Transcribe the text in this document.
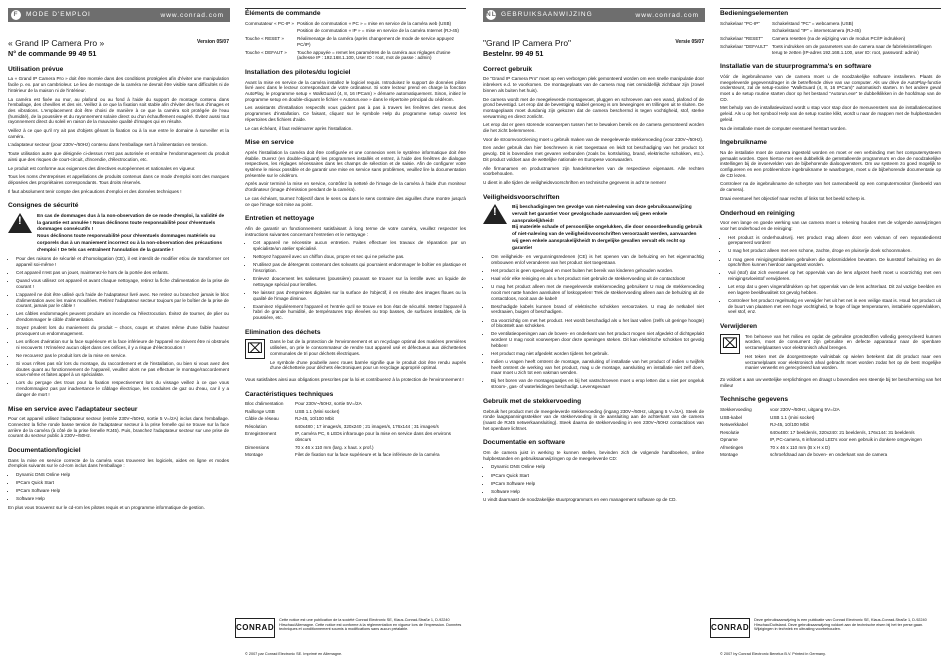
F MODE D'EMPLOI	www.conrad.com
« Grand IP Camera Pro »	Version 05/07
N° de commande 99 49 51
Utilisation prévue

La « Grand IP Camera Pro » doit être montée dans des conditions protégées afin d'éviter une manipulation facile p. ex. par un cambrioleur. Le lieu de montage de la caméra ne devrait être visible sans difficultés ni de l'intérieur de la maison ni de l'intérieur.

La caméra est fixée au mur, au plafond ou au fond à l'aide du support de montage contenu dans l'emballage, des chevilles et des vis. Veillez à ce que la fixation soit stable afin d'éviter des fous d'images et des vibrations. L'emplacement doit être choisi de manière à ce que la caméra soit protégée de l'eau (humidité), de la poussière et du rayonnement solaire direct ou d'un échauffement exagéré. Évitez aussi tout rayonnement direct du soleil en raison de la mauvaise qualité d'images qui en résulte.

Veillez à ce que qu'il n'y ait pas d'objets gênant la fixation ou à la vue entre le domaine à surveiller et la caméra.

L'adaptateur secteur (pour 230V~/50Hz) contenu dans l'emballage sert à l'alimentation en tension.

Toute utilisation autre que désignée ci-dessus n'est pas autorisée et entraîne l'endommagement du produit ainsi que des risques de court-circuit, d'incendie, d'électrocution, etc.

Le produit est conforme aux exigences des directives européennes et nationales en vigueur.

Tous les noms d'entreprises et appellations de produits contenus dans ce mode d'emploi sont des marques déposées des propriétaires correspondants. Tous droits réservés.

Il faut absolument tenir compte des précautions d'emploi et des données techniques !

Consignes de sécurité
!	En cas de dommages dus à la non-observation de ce mode d'emploi, la validité de la garantie est annulée ! Nous déclinons toute responsabilité pour d'éventuels dommages consécutifs !
Nous déclinons toute responsabilité pour d'éventuels dommages matériels ou corporels dus à un maniement incorrect ou à la non-observation des précautions d'emploi ! De tels cas entraînent l'annulation de la garantie !
• Pour des raisons de sécurité et d'homologation (CE), il est interdit de modifier et/ou de transformer cet appareil soi-même !
• Cet appareil n'est pas un jouet, maintenez-le hors de la portée des enfants.
• Quand vous utilisez cet appareil et avant chaque nettoyage, retirez la fiche d'alimentation de la prise de courant !
• L'appareil ne doit être utilisé qu'à l'aide de l'adaptateur livré avec. Ne retirez ou branchez jamais le bloc d'alimentation avec les mains mouillées. Retirez l'adaptateur secteur toujours par le boîtier de la prise de courant, jamais par le câble !
• Les câbles endommagés peuvent produire un incendie ou l'électrocution. Évitez de tourner, de plier ou d'endommager le câble d'alimentation.
• Soyez prudent lors du maniement du produit – chocs, coups et chutes même d'une faible hauteur provoquent un endommagement.
• Les orifices d'aération sur la face supérieure et la face inférieure de l'appareil ne doivent être ni obstrués ni recouverts ! N'insérez aucun objet dans ces orifices, il y a risque d'électrocution !
• Ne recouvrez pas le produit lors de la mise en service.
• Si vous n'êtes pas sûr lors du montage, du raccordement et de l'installation, ou bien si vous avez des doutes quant au fonctionnement de l'appareil, veuillez alors ne pas effectuer le montage/raccordement vous-même et faites appel à un spécialiste.
• Lors du perçage des trous pour la fixation respectivement lors du vissage veillez à ce que vous n'endommagiez pas par inadvertance le câblage électrique, les conduites de gaz ou d'eau, car il y a danger de mort !
Mise en service avec l'adaptateur secteur

Pour cet appareil utilisez l'adaptateur secteur (entrée 230V~/50Hz, sortie 5 V=/2A) inclus dans l'emballage. Connectez la fiche ronde basse tension de l'adaptateur secteur à la prise femelle qui se trouve sur la face arrière de la caméra (à côté de la prise femelle RJ45). Puis, branchez l'adaptateur secteur sur une prise de courant du secteur public à 230V~/50Hz.

Documentation/logiciel

Dans la mise en service correcte de la caméra vous trouverez les logiciels, aides en ligne et modes d'emplois suivants sur le cd-rom inclus dans l'emballage :

• Dynamic DNS Online Help
• IPCam Quick Start
• IPCam Software Help
• Software Help

En plus vous trouverez sur le cd-rom les pilotes requis et un programme informatique de gestion.

Éléments de commande
Commutateur « PC-IP » Position de commutation « PC » = mise en service de la caméra web (USB)
Position de commutation « IP » = mise en service de la caméra Internet (RJ-45)
Touche « RESET »	Réalimenatge de la caméra (après changement de mode de service appuyez PC/IP)
Touche « DEFAUT »	Touche appuyée = remet les paramètres de la caméra aux réglages d'usine (adresse IP : 192.168.1.100, User ID : root, mot de passe : admin)
Installation des pilotes/du logiciel

Avant la mise en service de la caméra installez le logiciel requis. Introduisez le support de données pilote livré avec dans le lecteur correspondant de votre ordinateur. Si votre lecteur prend en charge la fonction AutoPlay, le programme setup « WalkGuard (4, 8, 16 IPCam) » démarre automatiquement. Sinon, initiez le programme setup en double-cliquant le fichier « Autorun.exe » dans le répertoire principal du cédérom.

Les assistants d'installation respectifs vous guident pas à pas à travers les fenêtres des menus des programmes d'installation. Ce faisant, cliquez sur le symbole Help du programme setup ouvrez les répertoires des fichiers d'aide.

Le cas échéant, il faut redémarrer après l'installation.

Mise en service

Après l'installation la caméra doit être configurée et une connexion vers le système informatique doit être établie. Ouvrez (en double-cliquant) les programmes installés et entrez, à l'aide des fenêtres de dialogue respectives, les réglages nécessaires dans les champs de sélection et de saisie. Afin de configurer votre système le mieux possible et de garantir une mise en service sans problèmes, veuillez lire la documentation présentée sur le cédérom.

Après avoir terminé la mise en service, contrôlez la netteté de l'image de la caméra à l'aide d'un moniteur d'ordinateur (image d'émission pendant de la caméra).

Le cas échéant, tournez l'objectif dans le sens ou dans le sens contraire des aiguilles d'une montre jusqu'à ce que l'image soit mise au point.

Entretien et nettoyage

Afin de garantir un fonctionnement satisfaisant à long terme de votre caméra, veuillez respecter les instructions suivantes concernant l'entretien et le nettoyage :

• Cet appareil ne nécessite aucun entretien. Faites effectuer les travaux de réparation par un spécialiste/un atelier spécialisé.
• Nettoyez l'appareil avec un chiffon doux, propre et sec qui ne peluche pas.
• N'utilisez pas de détergents contenant des solvants qui pourraient endommager le boîtier en plastique et l'inscription.
• Enlevez doucement les salissures (poussière) pouvant se trouver sur la lentille avec un liquide de nettoyage spécial pour lentilles.
• Ne laissez pas d'empreintes digitales sur la surface de l'objectif, il en résulte des images floues ou la qualité de l'image diminue.
• Examinez régulièrement l'appareil et l'entrée qu'il se trouve en bon état de sécurité. Mettez l'appareil à l'abri de grande humidité, de températures trop élevées ou trop basses, de surfaces instables, de la poussière, etc.
Elimination des déchets
⌧	Dans le but de la protection de l'environnement et un recyclage optimal des matières premières utilisées, on prie le consommateur de rendre tout appareil usé et défectueux aux déchetteries communales de tri pour déchets électriques.

Le symbole d'une poubelle avec roues barrée signifie que le produit doit être rendu auprès d'une déchetterie pour déchets électroniques pour un recyclage approprié optimal.

Vous satisfaites ainsi aux obligations prescrites par la loi et contribuerez à la protection de l'environnement !

Caractéristiques techniques
Bloc d'alimentation	Pour 230V~/50Hz, sortie 5V=/2A
Raillonge USB	USB 1.1 (Mini socket)
Câble de réseau	RJ-45, 10/100 Mbit
Résolution	640x480 ; 17 images/s, 320x240 ; 21 images/s, 176x144 ; 31 images/s
Enregistrement	IP, caméra PC, 6 LEDs infrarouge pour la mise en service dans des environs obscurs
Dimensions	70 x 46 x 110 mm (larg. x haut. x prof.)
Montage	Filet de fixation sur la face supérieure et la face inférieure de la caméra
CONRAD
Cette notice est une publication de la société Conrad Electronic SE, Klaus-Conrad-Straße 1, D-92240 Hirschau/Allemagne. Cette notice est conforme à la réglementation en vigueur lors de l'impression. Données techniques et conditionnement soumis à modifications sans aucun préalable.
© 2007 par Conrad Electronic SE. Imprimé en Allemagne.
NL GEBRUIKSAANWIJZING	www.conrad.com
"Grand IP Camera Pro"	Versie 05/07
Bestelnr. 99 49 51
Correct gebruik

De "Grand IP Camera Pro" moet op een verborgen plek gemonteerd worden om een snelle manipulatie door inbrekers e.d. te voorkomen. De montageplaats van de camera mag niet onmiddellijk zichtbaar zijn (zowel binnen als buiten het huis).

De camera wordt met de meegeleverde montagevoet, pluggen en schroeven aan een wand, plafond of de grond bevestigd. Let erop dat de bevestiging stabiel genoeg is om bewegingen en trillingen uit te sluiten. De montageplaats moet dusdanig zijn gekozen dat de camera beschermd is tegen vochtigheid, stof, sterke verwarming en direct zonlicht.

Let erop dat er geen storende voorwerpen tussen het te bewaken bereik en de camera gemonteerd worden die het zicht belemmeren.

Voor de stroomvoorziening moet u gebruik maken van de meegeleverde stekkervoeding (voor 230V~/50Hz).

Een ander gebruik dan hier beschreven is niet toegestaan en leidt tot beschadiging van het product tot gevolg. Dit is bovendien met gevaren verbonden (zoals bv. kortsluiting, brand, elektrische schokken, etc.). Dit product voldoet aan de wettelijke nationale en Europese voorwaarden.

Alle firmanamen en productnamen zijn handelsmerken van de respectieve eigenaars. Alle rechten voorbehouden.

U dient in alle tijden de veiligheidsvoorschriften en technische gegevens in acht te nemen!

Veiligheidsvoorschriften
!	Bij beschadigingen ten gevolge van niet-naleving van deze gebruiksaanwijzing vervalt het garantie! Voor gevolgschade aanvaarden wij geen enkele aansprakelijkheid!
Bij materiële schade of persoonlijke ongelukken, die door onoordeelkundig gebruik of niet-naleving van de veiligheidsvoorschriften veroorzaakt werden, aanvaarden wij geen enkele aansprakelijkheid! In dergelijke gevallen vervalt elk recht op garantie!
• Om veiligheids- en vergunningsredenen (CE) is het openen van de behuizing en het eigenmachtig ombouwen en/of veranderen van het product niet toegestaan.
• Het product is geen speelgoed en moet buiten het bereik van kinderen gehouden worden.
• Haal vóór elke reiniging en als u het product niet gebruikt de stekkervoeding uit de contactdoos!
• U mag het product alleen met de meegeleverde stekkervoeding gebruiken! U mag de stekkervoeding nooit met natte handen aansluiten of loskoppelen! Trek de stekkervoeding alleen aan de behuizing uit de contactdoos, nooit aan de kabel!
• Beschadigde kabels kunnen brand of elektrische schokken veroorzaken. U mag de netkabel niet verdraaien, buigen of beschadigen.
• Ga voorzichtig om met het product. Het wordt beschadigd als u het laat vallen (zelfs uit geringe hoogte) of blootstelt aan schokken.
• De ventilatieopeningen aan de boven- en onderkant van het product mogen niet afgedekt of dichtgeplakt worden! U mag nooit voorwerpen door deze openingen steken. Dit kan elektrische schokken tot gevolg hebben!
• Het product mag niet afgedekt worden tijdens het gebruik.
• Indien u vragen heeft omtrent de montage, aansluiting of installatie van het product of indien u twijfels heeft omtrent de werking van het product, mag u de montage, aansluiting en installatie niet zelf doen, maar moet u zich tot een vakman wenden.
• Bij het boren van de montagegaatjes en bij het vastschroeven moet u erop letten dat u niet per ongeluk stroom-, gas- of waterleidingen beschadigt. Levensgevaar!
Gebruik met de stekkervoeding

Gebruik het product met de meegeleverde stekkervoeding (ingang 230V~/50Hz, uitgang 5 V=/2A). Steek de ronde laagspanningsstekker van de stekkervoeding in de aansluiting aan de achterkant van de camera (naast de RJ45 netwerkaansluiting). Steek daarna de stekkervoeding in een 230V~/50Hz contactdoos van het openbare lichtnet.

Documentatie en software

Om de camera juist in werking te kunnen stellen, bevinden zich de volgende handboeken, online hulpbestanden en gebruiksaanwijzingen op de meegeleverde CD:

• Dynamic DNS Online Help
• IPCam Quick Start
• IPCam Software Help
• Software Help

U vindt daarnaast de noodzakelijke stuurprogramma's en een management software op de CD.

Bedieningselementen
Schakelaar "PC-IP"	Schakelstand "PC" = webcamera (USB)
Schakelstand "IP" = internetcamera (RJ-45)
Schakelaar "RESET"	Camera resetten (na de wijziging van de modus PC/IP indrukken)
Schakelaar "DEFAULT" Toets indrukken om de parameters van de camera naar de fabrieksinstellingen terug te zetten (IP-adres 192.168.1.100, user ID: root, password: admin)
Installatie van de stuurprogramma's en software

Vóór de ingebruikname van de camera moet u de noodzakelijke software installeren. Plaats de meegeleverde gegevensdrager in de betreffende drive van uw computer. Als uw drive de AutoPlay-functie ondersteunt, zal de setup-routine "WalkGuard (4, 8, 16 IPCam)" automatisch starten. In het andere geval moet u de setup routine starten door op het bestand "Autorun.exe" te dubbelklikken in de hoofdmap van de CD.

Met behulp van de installatiewizard wordt u stap voor stap door de menuvensters van de installatieroutines geleid. Als u op het symbool Help van de setup routine klikt, wordt u naar de mappen met de hulpbestanden geleid.

Na de installatie moet de computer eventueel herstart worden.

Ingebruikname

Na de installatie moet de camera ingesteld worden en moet er een verbinding met het computersysteem gemaakt worden. Open hiertoe met een dubbelklik de geïnstalleerde programma's en doe de noodzakelijke instellingen bij de invoervelden van de bijbehorende dialoogvensters. Om uw systeem zo goed mogelijk te configureren en een probleemloze ingebruikname te waarborgen, moet u de bijbehorende documentatie op de CD lezen.

Controleer na de ingebruikname de scherpte van het camerabeeld op een computermonitor (livebeeld van de camera).

Draai eventueel het objectief naar rechts of links tot het beeld scherp is.

Onderhoud en reiniging

Voor een lange en goede werking van uw camera moet u rekening houden met de volgende aanwijzingen voor het onderhoud en de reiniging:

• Het product is onderhoudsvrij. Het product mag alleen door een vakman of een reparatiedienst gerepareerd worden!
• U mag het product alleen met een schone, zachte, droge en pluisvrije doek schoonmaken.
• U mag geen reinigingsmiddelen gebruiken die oplosmiddelen bevatten. De kunststof behuizing en de opschriften kunnen hierdoor aangetast worden.
• Vuil (stof) dat zich eventueel op het oppervlak van de lens afgezet heeft moet u voorzichtig met een reinigingsvloeistof verwijderen.
• Let erop dat u geen vingerafdrukken op het oppervlak van de lens achterlaat. Dit zal vazige beelden en een lagere beeldkwaliteit tot gevolg hebben.
• Controleer het product regelmatig en verwijder het uit het net in een veilige staat is. Houd het product uit de buurt van plaatsen met een hoge vochtigheid, te hoge of lage temperaturen, instabiele oppervlakken, veel stof, enz.
Verwijderen
⌧	Ten behoeve van het milieu en opdat de gebruikte grondstoffen volledig gerecycleerd kunnen worden, moet de consument zijn gebruikte en defecte apparatuur naar de openbare verzamelplaatsen voor elektronisch afval brengen.

Het teken met de doorgestreepte vuilnisbak op wielen betekent dat dit product naar een verzamelplaats voor elektronisch afval gebracht moet worden zodat het op de best mogelijke manier verwerkt en gerecycleerd kan worden.

Zo voldoet u aan uw wettelijke verplichtingen en draagt u bovendien een steentje bij ter bescherming van het milieu!

Technische gegevens
Stekkervoeding	voor 230V~/50Hz, uitgang 5V=/2A
USB-kabel	USB 1.1 (mini socket)
Netwerkkabel	RJ-45, 10/100 Mbit
Resolutie	640x480: 17 beelden/s, 320x240: 21 beelden/s, 176x144: 31 beelden/s
Opname	IP, PC-camera, 6 infrarood LED's voor een gebruik in donkere omgevingen
Afmetingen	70 x 46 x 110 mm (B x H x D)
Montage	schroefdraad aan de boven- en onderkant van de camera
CONRAD
Deze gebruiksaanwijzing is een publicatie van Conrad Electronic SE, Klaus-Conrad-Straße 1, D-92240 Hirschau/Duitsland. Deze gebruiksaanwijzing voldoet aan de technische eisen bij het ter perse gaan. Wijzigingen in techniek en uitrusting voorbehouden.
© 2007 by Conrad Electronic Benelux B.V. Printed in Germany.
